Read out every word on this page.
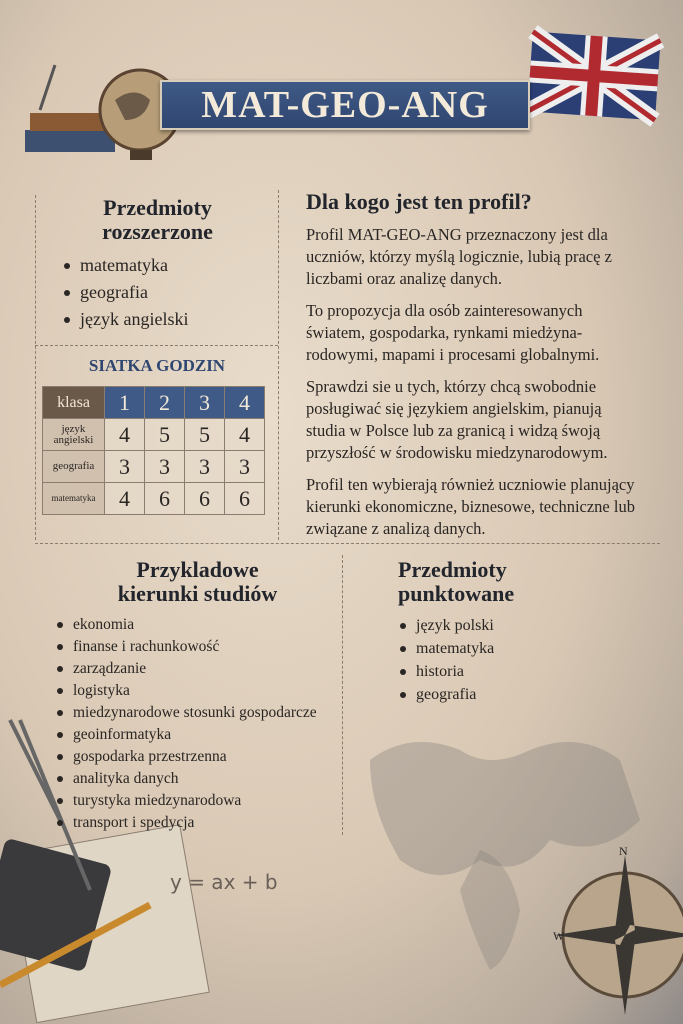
N
W
y = ax + b
MAT-GEO-ANG
Przedmioty
rozszerzone
matematyka
geografia
język angielski
SIATKA GODZIN
klasa	1	2	3	4
język angielski	4	5	5	4
geografia	3	3	3	3
matematyka	4	6	6	6
Dla kogo jest ten profil?

Profil MAT-GEO-ANG przeznaczony jest dla uczniów, którzy myślą logicznie, lubią pracę z liczbami oraz analizę danych.

To propozycja dla osób zainteresowanych światem, gospodarka, rynkami miedżyna-rodowymi, mapami i procesami globalnymi.

Sprawdzi sie u tych, którzy chcą swobodnie posługiwać się językiem angielskim, pianują studia w Polsce lub za granicą i widzą śwoją przyszłość w środowisku miedzynarodowym.

Profil ten wybierają również uczniowie planujący kierunki ekonomiczne, biznesowe, techniczne lub związane z analizą danych.

Przykladowe
kierunki studiów
ekonomia
finanse i rachunkowość
zarządzanie
logistyka
miedzynarodowe stosunki gospodarcze
geoinformatyka
gospodarka przestrzenna
analityka danych
turystyka miedzynarodowa
transport i spedycja
Przedmioty
punktowane
język polski
matematyka
historia
geografia
